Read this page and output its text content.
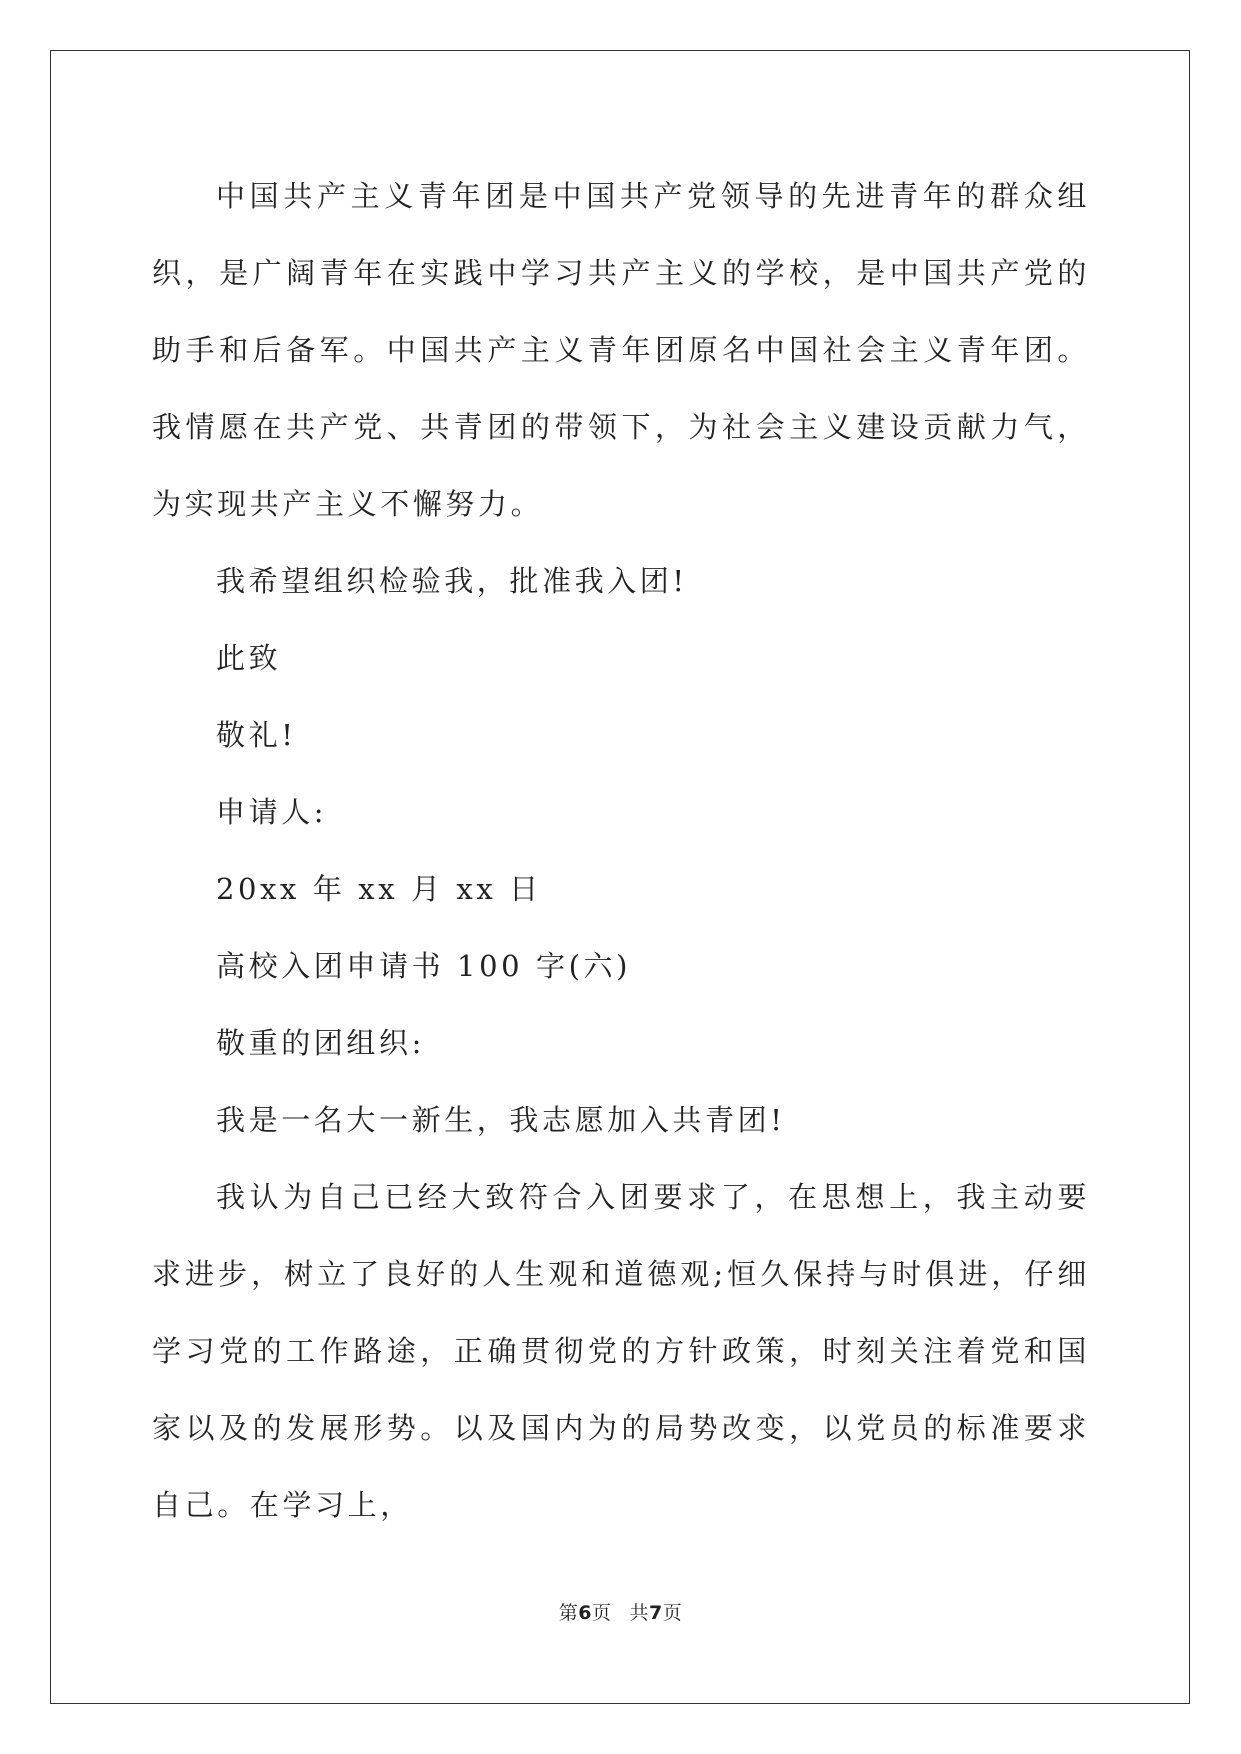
中国共产主义青年团是中国共产党领导的先进青年的群众组织，是广阔青年在实践中学习共产主义的学校，是中国共产党的助手和后备军。中国共产主义青年团原名中国社会主义青年团。我情愿在共产党、共青团的带领下，为社会主义建设贡献力气，为实现共产主义不懈努力。

我希望组织检验我，批准我入团!

此致

敬礼!

申请人:

20xx 年 xx 月 xx 日

高校入团申请书 100 字(六)

敬重的团组织:

我是一名大一新生，我志愿加入共青团!

我认为自己已经大致符合入团要求了，在思想上，我主动要求进步，树立了良好的人生观和道德观;恒久保持与时俱进，仔细学习党的工作路途，正确贯彻党的方针政策，时刻关注着党和国家以及的发展形势。以及国内为的局势改变，以党员的标准要求自己。在学习上，

第6页 共7页
